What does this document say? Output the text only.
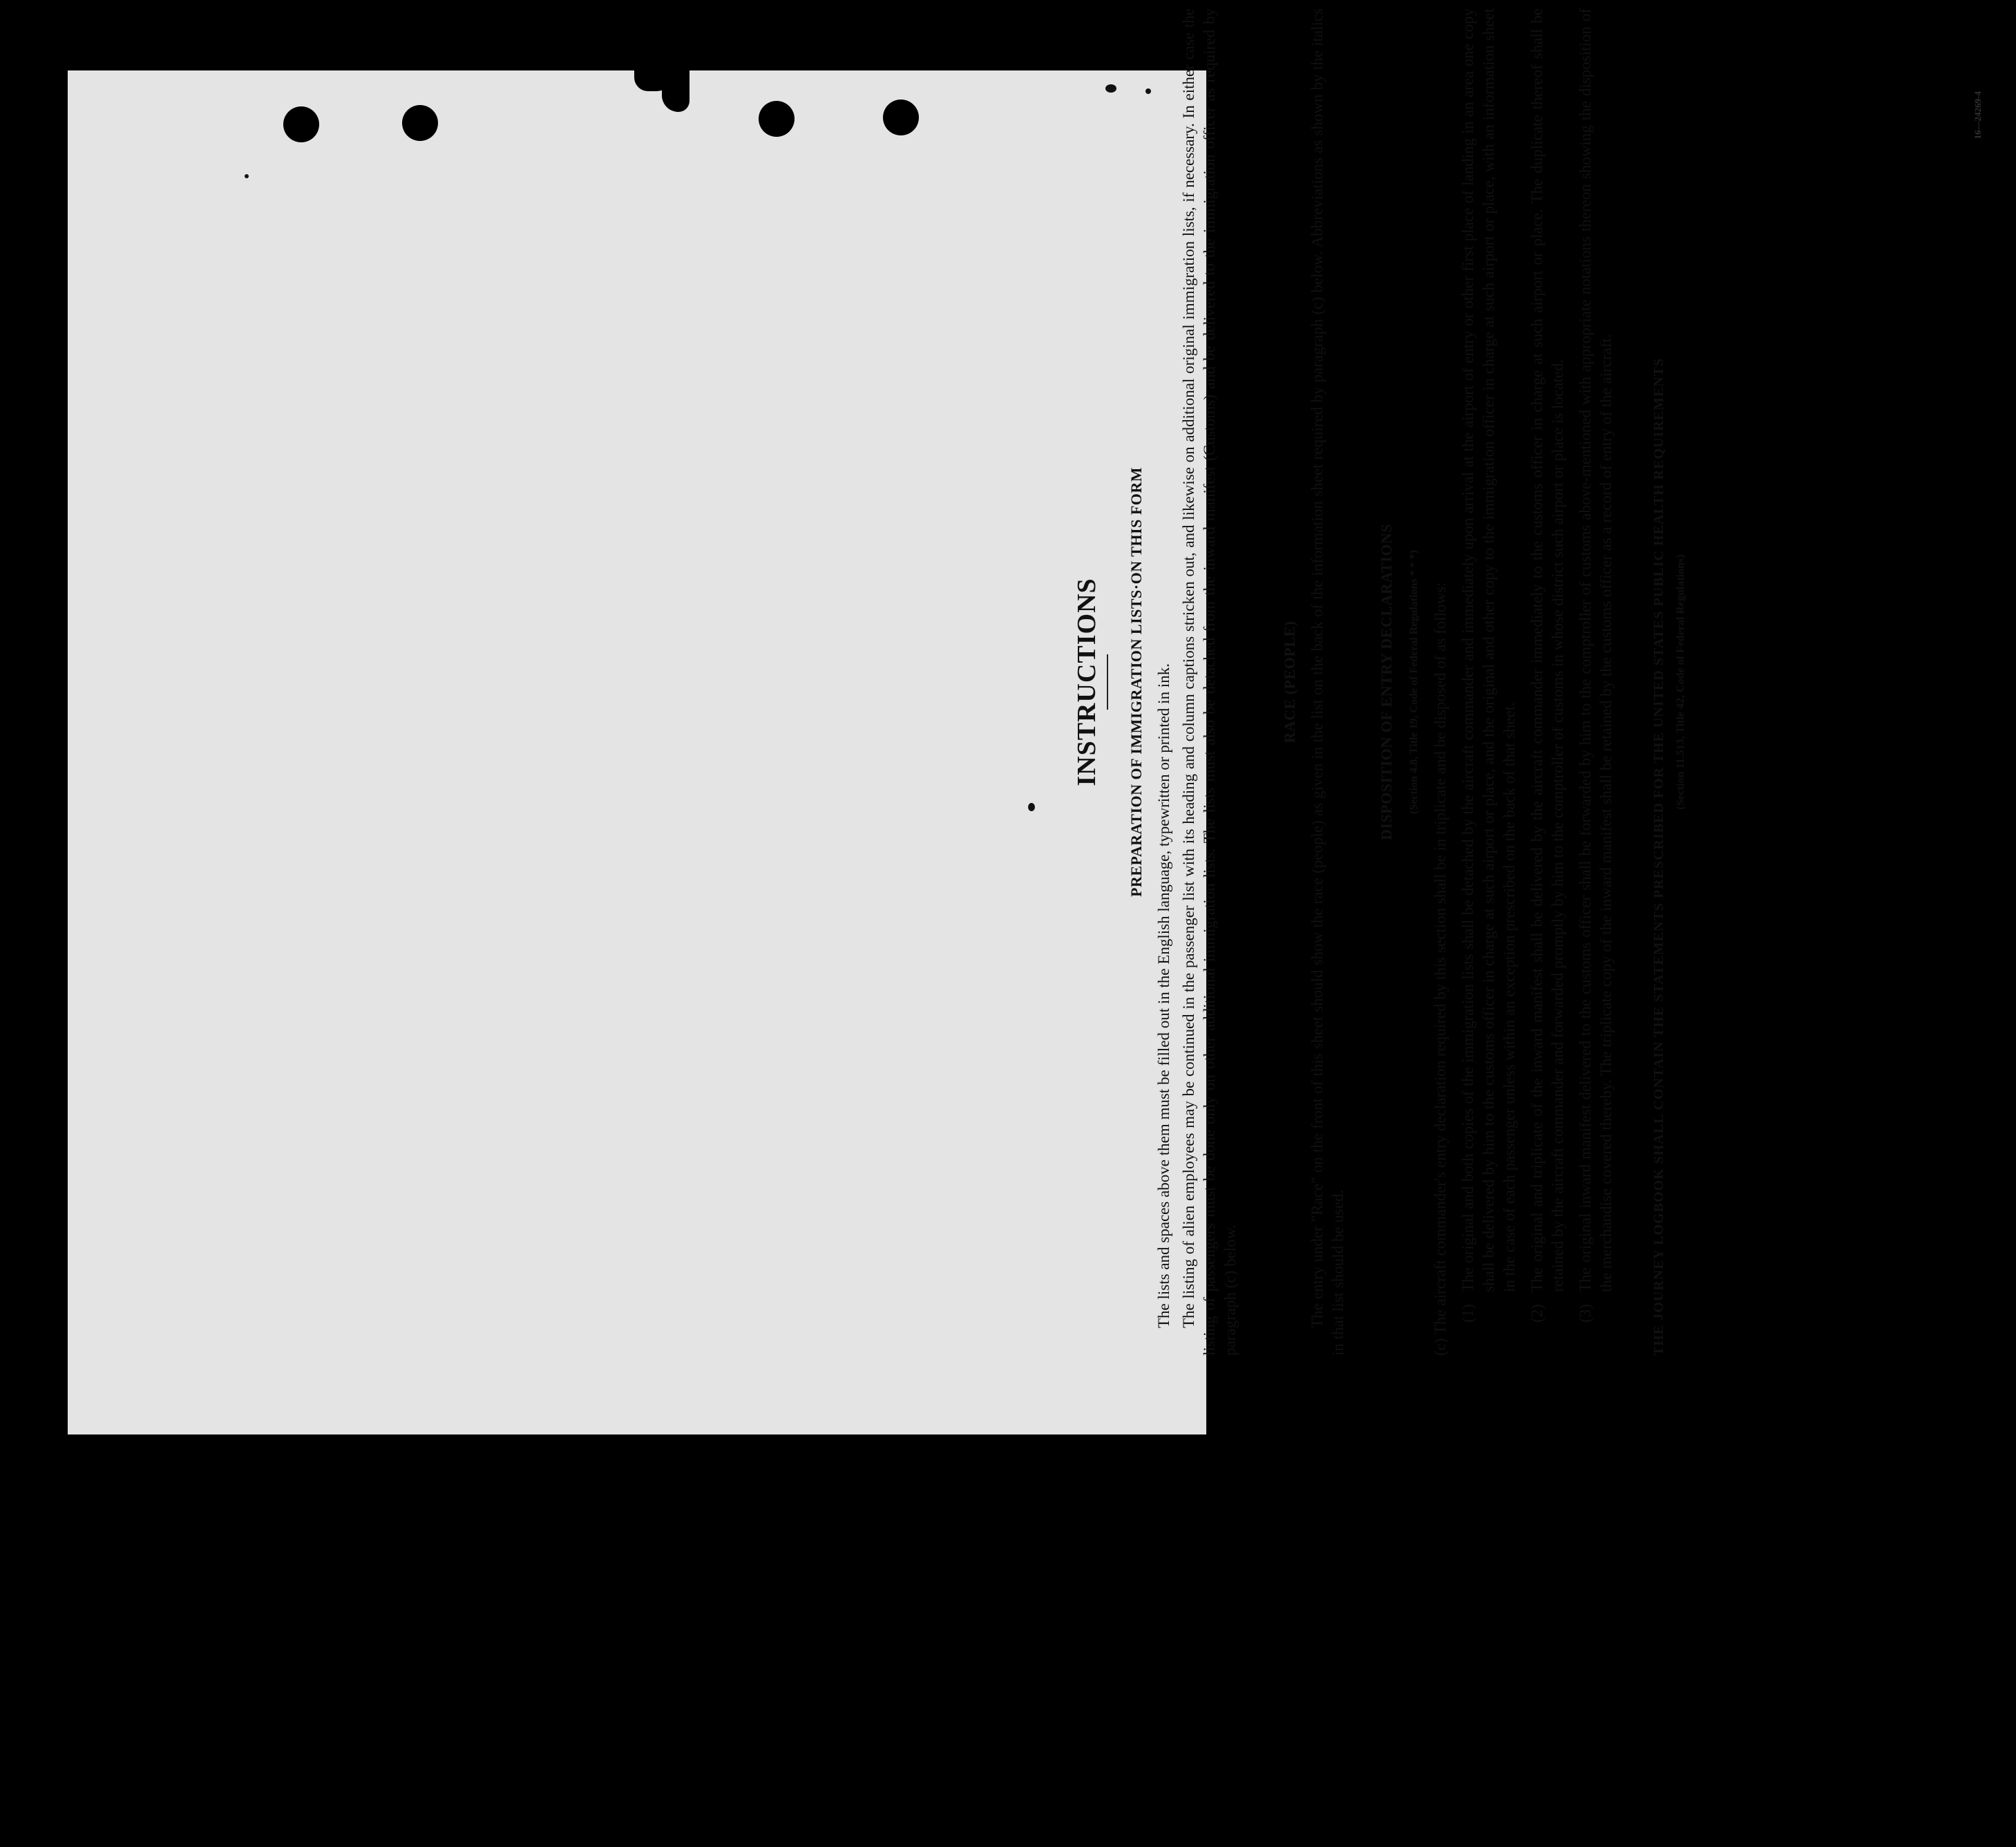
INSTRUCTIONS PREPARATION OF IMMIGRATION LISTS·ON THIS FORM The lists and spaces above them must be filled out in the English language, typewritten or printed in ink. The listing of alien employees may be continued in the passenger list with its heading and column captions stricken out, and likewise on additional original immigration lists, if necessary. In either case the listing of passengers must be done only on other additional immigration lists. The lists must also be detached from the inward manifest (Customs) and be delivered to the immigration officer as required by paragraph (c) below.

RACE (PEOPLE) The entry under "Race" on the front of this sheet should show the race (people) as given in the list on the back of the information sheet required by paragraph (c) below. Abbreviations as shown by the italics in that list should be used.

DISPOSITION OF ENTRY DECLARATIONS	(Section 4.8, Title 19, Code of Federal Regulations * * *) (c) The aircraft commander's entry declaration required by this section shall be in triplicate and be disposed of as follows: (1)
The original and both copies of the immigration lists shall be detached by the aircraft commander and immediately upon arrival at the airport of entry or other first place of landing in an area one copy shall be delivered by him to the customs officer in charge at such airport or place, and the original and other copy to the immigration officer in charge at such airport or place, with an information sheet in the case of each passenger unless within an exception prescribed on the back of that sheet.
(2)
The original and triplicate of the inward manifest shall be delivered by the aircraft commander immediately to the customs officer in charge at such airport or place. The duplicate thereof shall be retained by the aircraft commander and forwarded promptly by him to the comptroller of customs in whose district such airport or place is located.
(3)
The original inward manifest delivered to the customs officer shall be forwarded by him to the comptroller of customs above-mentioned with appropriate notations thereon showing the disposition of the merchandise covered thereby. The triplicate copy of the inward manifest shall be retained by the customs officer as a record of entry of the aircraft.	THE JOURNEY LOGBOOK SHALL CONTAIN THE STATEMENTS PRESCRIBED FOR THE UNITED STATES PUBLIC HEALTH REQUIREMENTS (Section 11.513, Title 42, Code of Federal Regulations)
16—24269-4
